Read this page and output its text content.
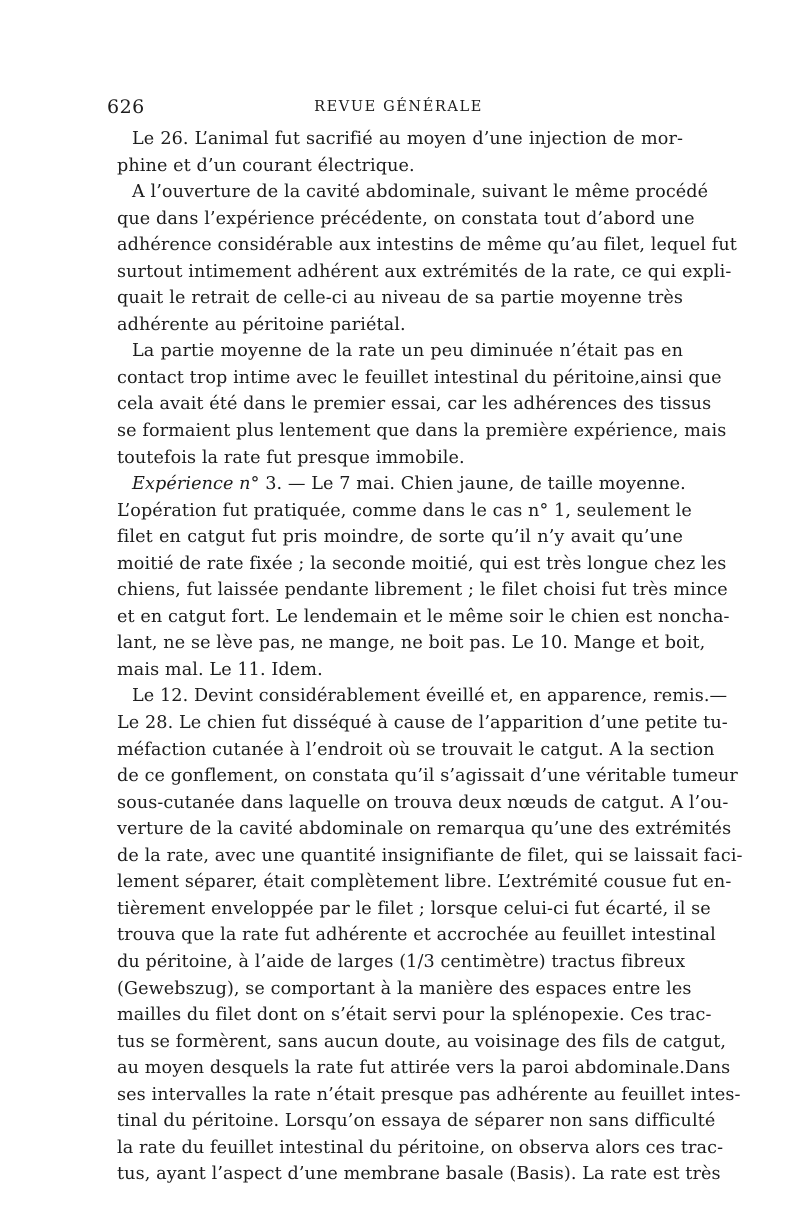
626	REVUE GÉNÉRALE
Le 26. L’animal fut sacrifié au moyen d’une injection de mor-
phine et d’un courant électrique.
A l’ouverture de la cavité abdominale, suivant le même procédé
que dans l’expérience précédente, on constata tout d’abord une
adhérence considérable aux intestins de même qu’au filet, lequel fut
surtout intimement adhérent aux extrémités de la rate, ce qui expli-
quait le retrait de celle-ci au niveau de sa partie moyenne très
adhérente au péritoine pariétal.
La partie moyenne de la rate un peu diminuée n’était pas en
contact trop intime avec le feuillet intestinal du péritoine,ainsi que
cela avait été dans le premier essai, car les adhérences des tissus
se formaient plus lentement que dans la première expérience, mais
toutefois la rate fut presque immobile.
Expérience n° 3. — Le 7 mai. Chien jaune, de taille moyenne.
L’opération fut pratiquée, comme dans le cas n° 1, seulement le
filet en catgut fut pris moindre, de sorte qu’il n’y avait qu’une
moitié de rate fixée ; la seconde moitié, qui est très longue chez les
chiens, fut laissée pendante librement ; le filet choisi fut très mince
et en catgut fort. Le lendemain et le même soir le chien est noncha-
lant, ne se lève pas, ne mange, ne boit pas. Le 10. Mange et boit,
mais mal. Le 11. Idem.
Le 12. Devint considérablement éveillé et, en apparence, remis.—
Le 28. Le chien fut disséqué à cause de l’apparition d’une petite tu-
méfaction cutanée à l’endroit où se trouvait le catgut. A la section
de ce gonflement, on constata qu’il s’agissait d’une véritable tumeur
sous-cutanée dans laquelle on trouva deux nœuds de catgut. A l’ou-
verture de la cavité abdominale on remarqua qu’une des extrémités
de la rate, avec une quantité insignifiante de filet, qui se laissait faci-
lement séparer, était complètement libre. L’extrémité cousue fut en-
tièrement enveloppée par le filet ; lorsque celui-ci fut écarté, il se
trouva que la rate fut adhérente et accrochée au feuillet intestinal
du péritoine, à l’aide de larges (1/3 centimètre) tractus fibreux
(Gewebszug), se comportant à la manière des espaces entre les
mailles du filet dont on s’était servi pour la splénopexie. Ces trac-
tus se formèrent, sans aucun doute, au voisinage des fils de catgut,
au moyen desquels la rate fut attirée vers la paroi abdominale.Dans
ses intervalles la rate n’était presque pas adhérente au feuillet intes-
tinal du péritoine. Lorsqu’on essaya de séparer non sans difficulté
la rate du feuillet intestinal du péritoine, on observa alors ces trac-
tus, ayant l’aspect d’une membrane basale (Basis). La rate est très
